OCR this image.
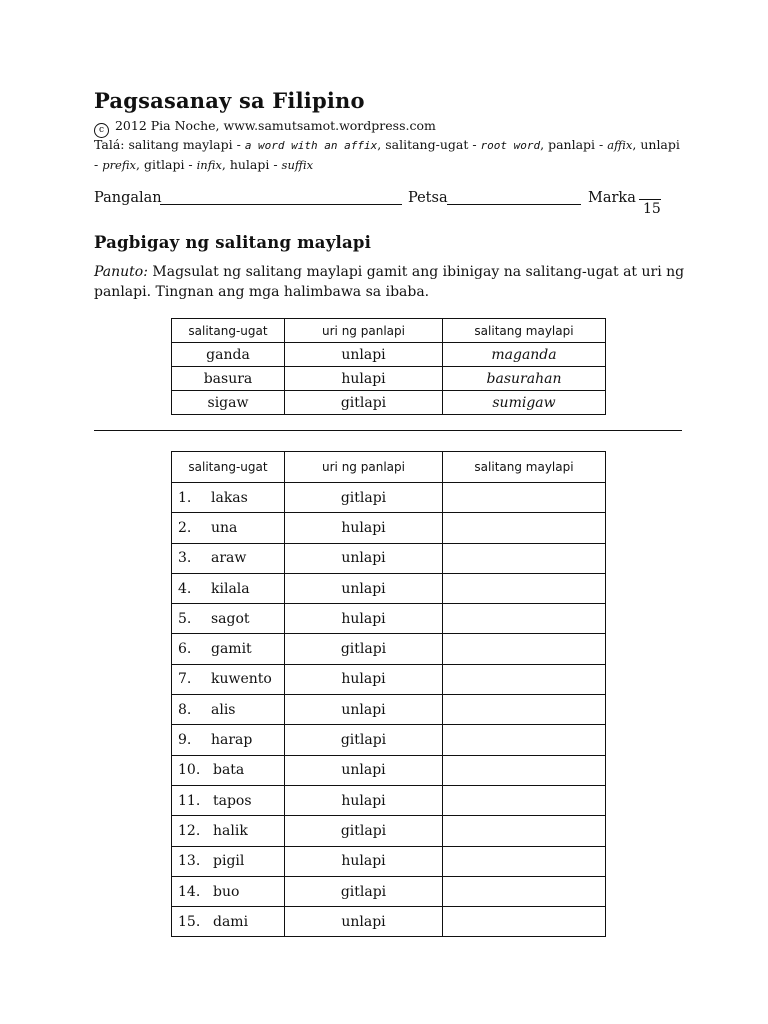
Pagsasanay sa Filipino
c 2012 Pia Noche, www.samutsamot.wordpress.com
Talá: salitang maylapi - a word with an affix, salitang-ugat - root word, panlapi - affix, unlapi - prefix, gitlapi - infix, hulapi - suffix
Pangalan	Petsa	Marka
15
Pagbigay ng salitang maylapi
Panuto: Magsulat ng salitang maylapi gamit ang ibinigay na salitang-ugat at uri ng panlapi. Tingnan ang mga halimbawa sa ibaba.
salitang-ugat	uri ng panlapi	salitang maylapi
ganda	unlapi	maganda
basura	hulapi	basurahan
sigaw	gitlapi	sumigaw
salitang-ugat	uri ng panlapi	salitang maylapi
1. lakas	gitlapi	
2. una	hulapi	
3. araw	unlapi	
4. kilala	unlapi	
5. sagot	hulapi	
6. gamit	gitlapi	
7. kuwento	hulapi	
8. alis	unlapi	
9. harap	gitlapi	
10. bata	unlapi	
11. tapos	hulapi	
12. halik	gitlapi	
13. pigil	hulapi	
14. buo	gitlapi	
15. dami	unlapi	
